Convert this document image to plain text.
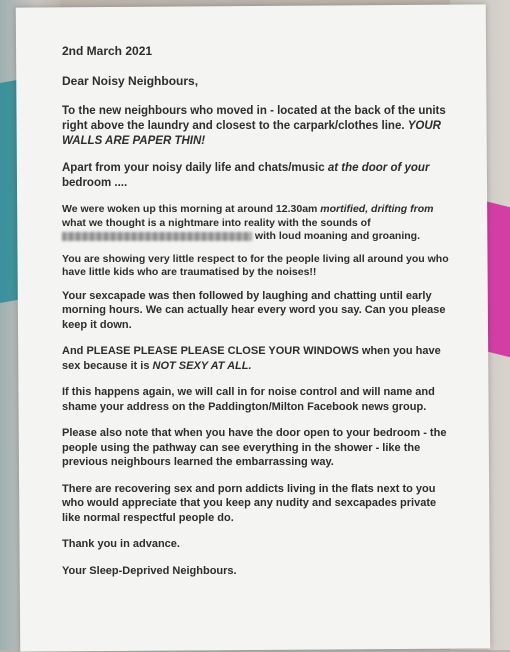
2nd March 2021

Dear Noisy Neighbours,

To the new neighbours who moved in - located at the back of the units right above the laundry and closest to the carpark/clothes line. YOUR WALLS ARE PAPER THIN!

Apart from your noisy daily life and chats/music at the door of your bedroom ....

We were woken up this morning at around 12.30am mortified, drifting from what we thought is a nightmare into reality with the sounds of  with loud moaning and groaning.

You are showing very little respect to for the people living all around you who have little kids who are traumatised by the noises!!

Your sexcapade was then followed by laughing and chatting until early morning hours. We can actually hear every word you say. Can you please keep it down.

And PLEASE PLEASE PLEASE CLOSE YOUR WINDOWS when you have sex because it is NOT SEXY AT ALL.

If this happens again, we will call in for noise control and will name and shame your address on the Paddington/Milton Facebook news group.

Please also note that when you have the door open to your bedroom - the people using the pathway can see everything in the shower - like the previous neighbours learned the embarrassing way.

There are recovering sex and porn addicts living in the flats next to you who would appreciate that you keep any nudity and sexcapades private like normal respectful people do.

Thank you in advance.

Your Sleep-Deprived Neighbours.
